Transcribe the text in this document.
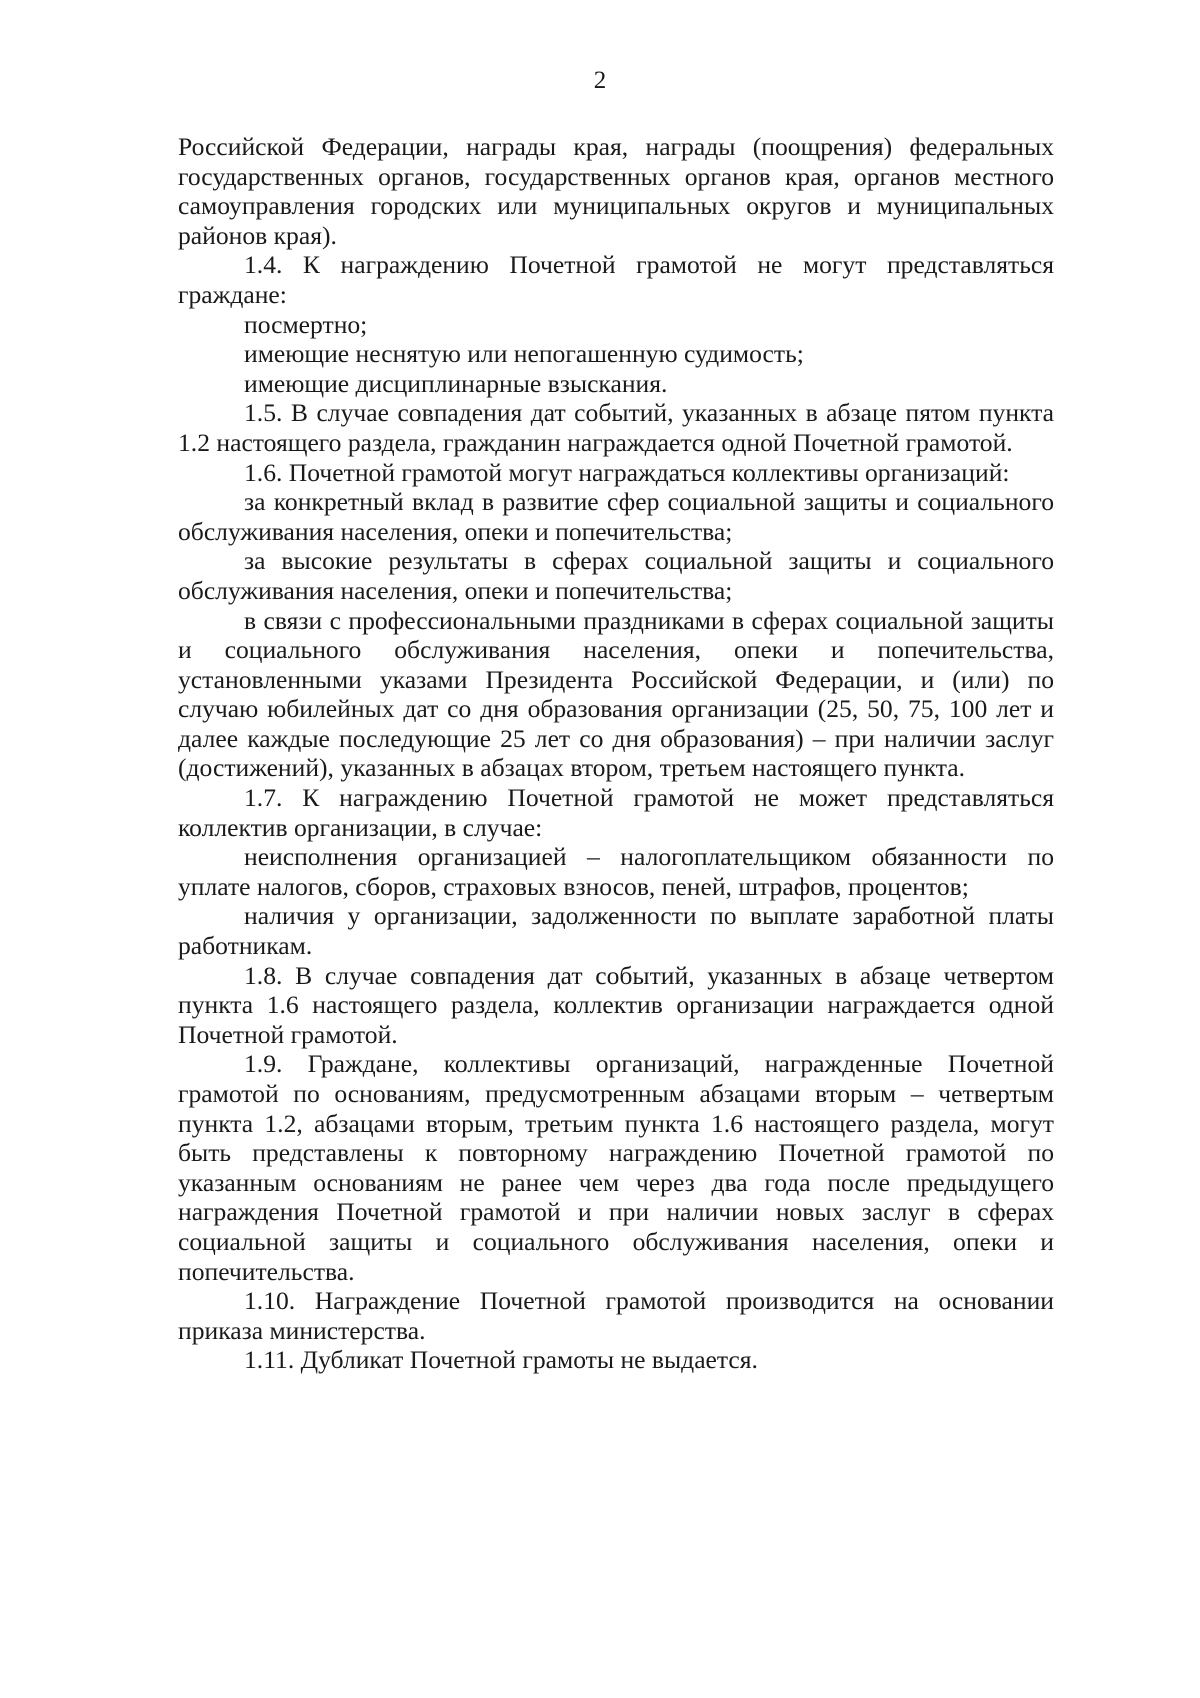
2

Российской Федерации, награды края, награды (поощрения) федеральных государственных органов, государственных органов края, органов местного самоуправления городских или муниципальных округов и муниципальных районов края).

1.4. К награждению Почетной грамотой не могут представляться граждане:

посмертно;

имеющие неснятую или непогашенную судимость;

имеющие дисциплинарные взыскания.

1.5. В случае совпадения дат событий, указанных в абзаце пятом пункта 1.2 настоящего раздела, гражданин награждается одной Почетной грамотой.

1.6. Почетной грамотой могут награждаться коллективы организаций:

за конкретный вклад в развитие сфер социальной защиты и социального обслуживания населения, опеки и попечительства;

за высокие результаты в сферах социальной защиты и социального обслуживания населения, опеки и попечительства;

в связи с профессиональными праздниками в сферах социальной защиты и социального обслуживания населения, опеки и попечительства, установленными указами Президента Российской Федерации, и (или) по случаю юбилейных дат со дня образования организации (25, 50, 75, 100 лет и далее каждые последующие 25 лет со дня образования) – при наличии заслуг (достижений), указанных в абзацах втором, третьем настоящего пункта.

1.7. К награждению Почетной грамотой не может представляться коллектив организации, в случае:

неисполнения организацией – налогоплательщиком обязанности по уплате налогов, сборов, страховых взносов, пеней, штрафов, процентов;

наличия у организации, задолженности по выплате заработной платы работникам.

1.8. В случае совпадения дат событий, указанных в абзаце четвертом пункта 1.6 настоящего раздела, коллектив организации награждается одной Почетной грамотой.

1.9. Граждане, коллективы организаций, награжденные Почетной грамотой по основаниям, предусмотренным абзацами вторым – четвертым пункта 1.2, абзацами вторым, третьим пункта 1.6 настоящего раздела, могут быть представлены к повторному награждению Почетной грамотой по указанным основаниям не ранее чем через два года после предыдущего награждения Почетной грамотой и при наличии новых заслуг в сферах социальной защиты и социального обслуживания населения, опеки и попечительства.

1.10. Награждение Почетной грамотой производится на основании приказа министерства.

1.11. Дубликат Почетной грамоты не выдается.
